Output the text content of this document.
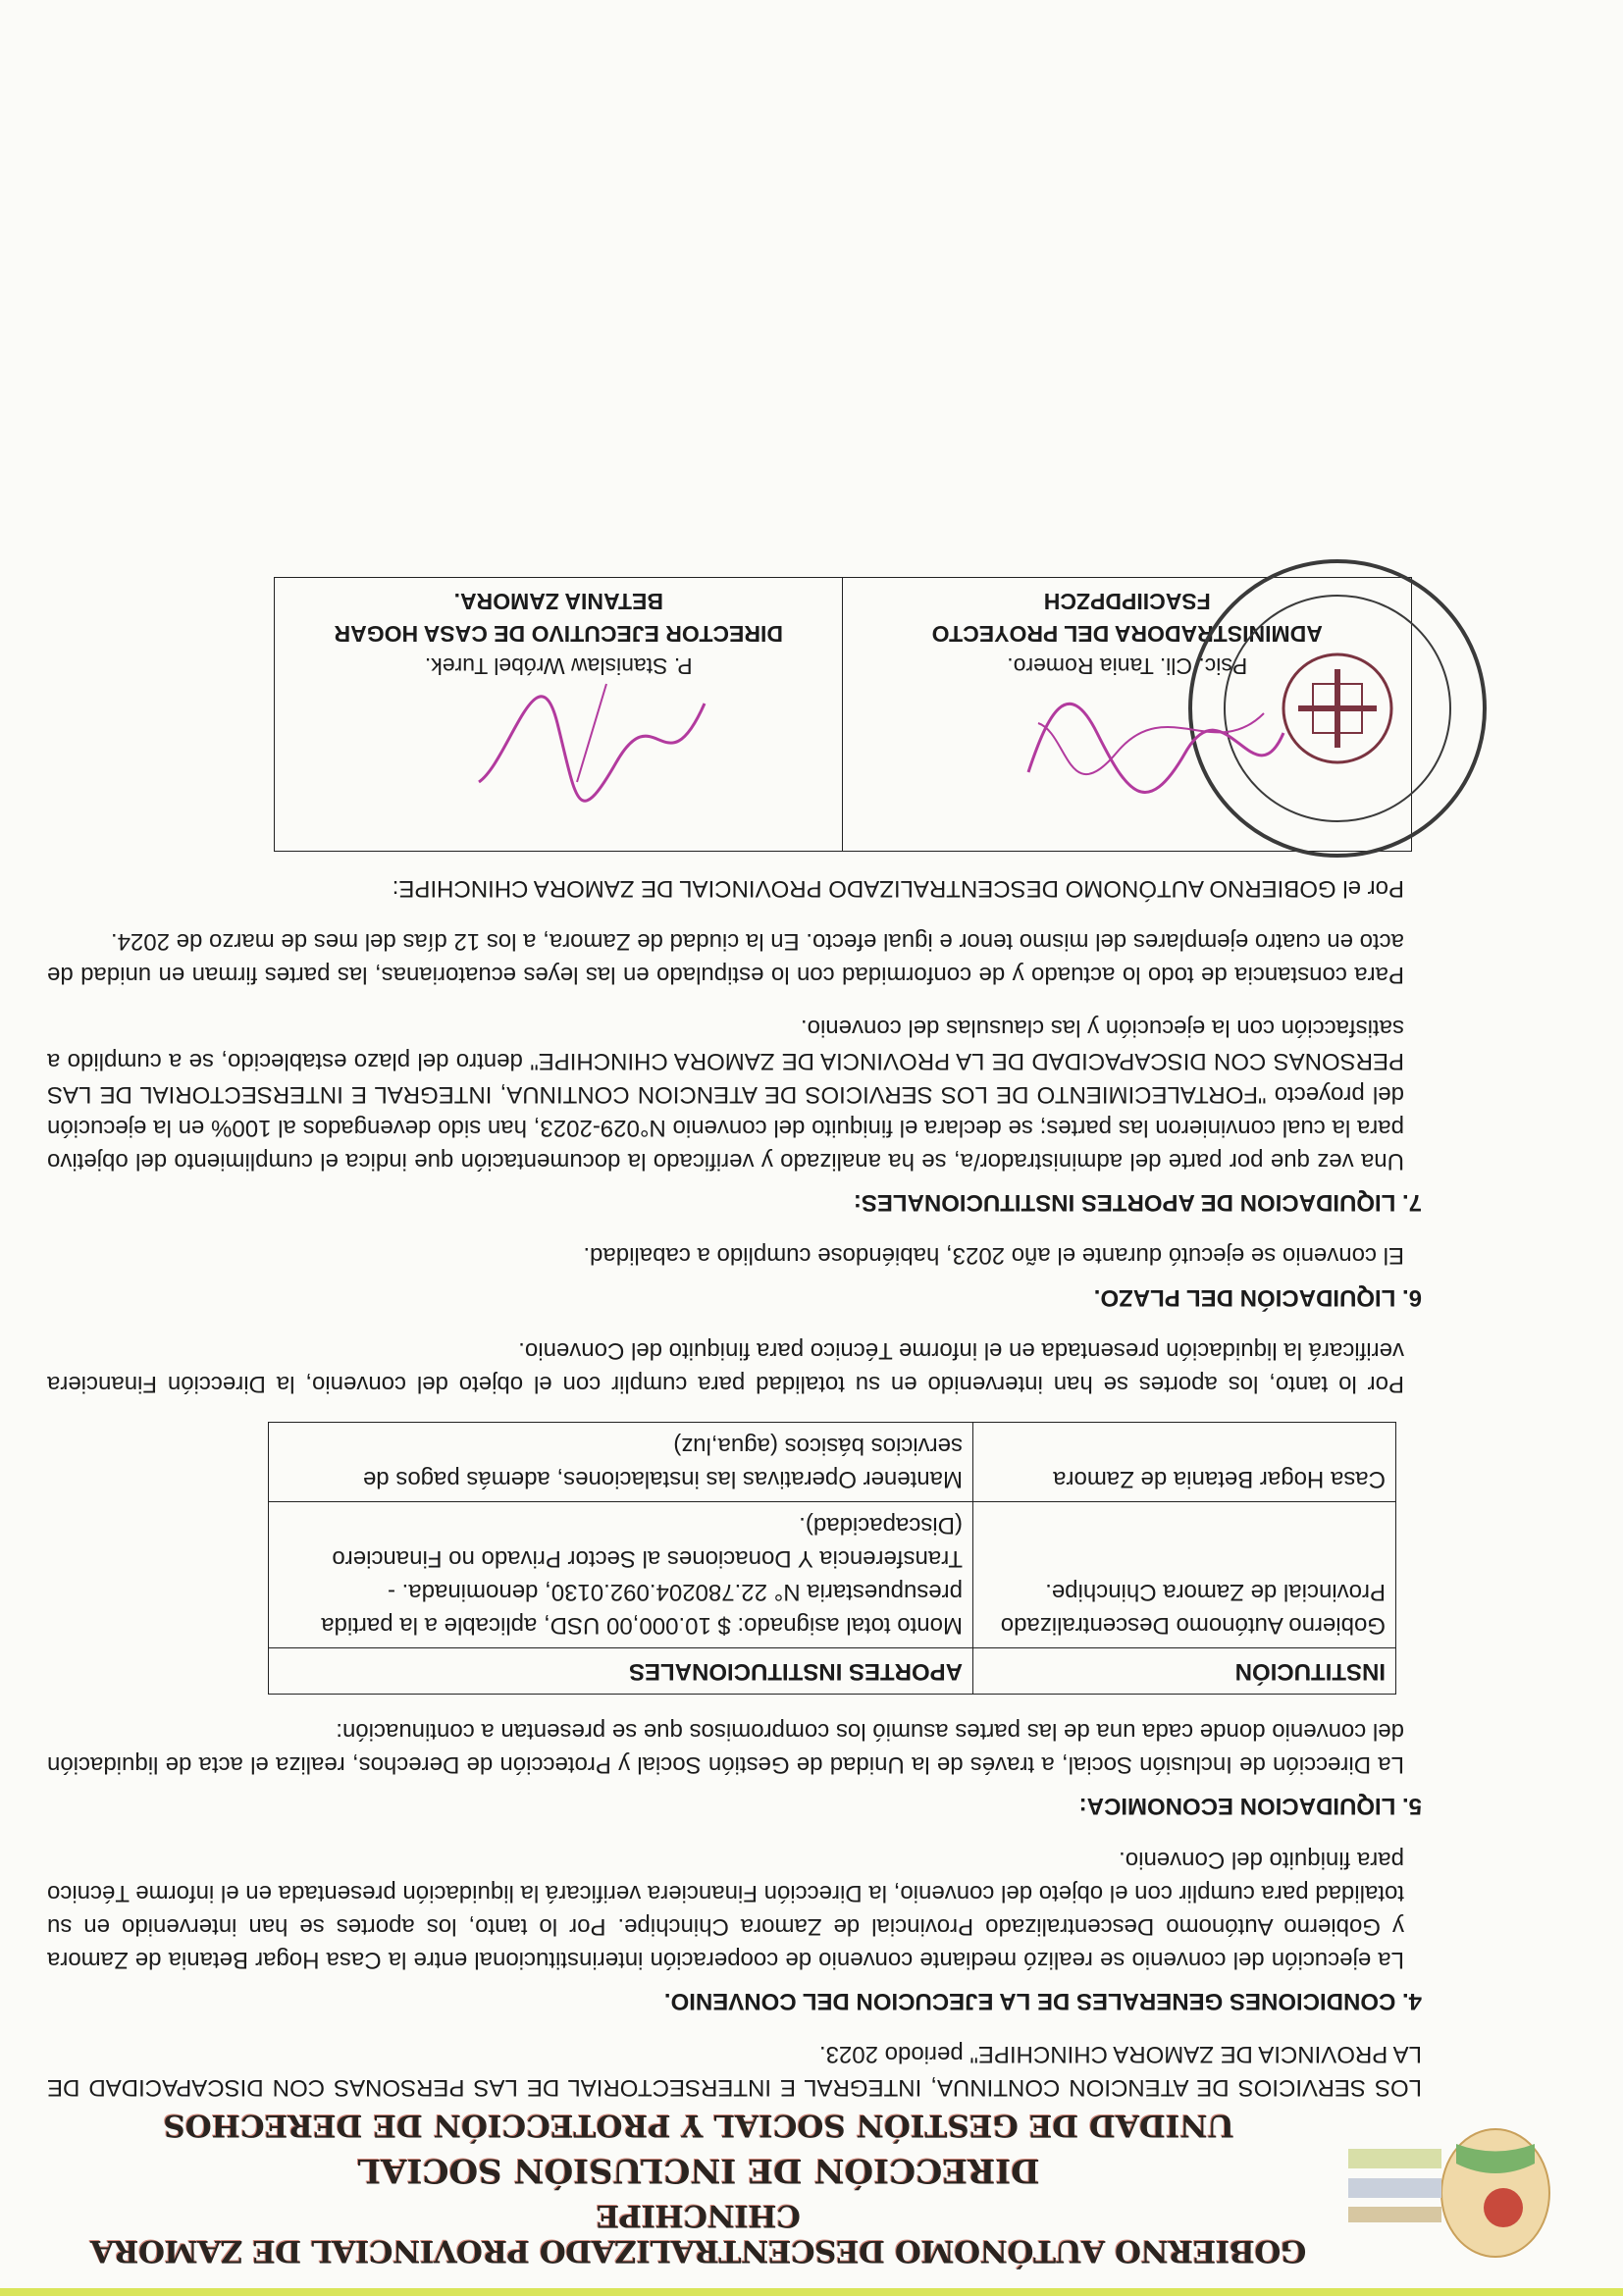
GOBIERNO AUTÓNOMO DESCENTRALIZADO PROVINCIAL DE ZAMORA CHINCHIPE
DIRECCIÓN DE INCLUSIÓN SOCIAL
UNIDAD DE GESTIÓN SOCIAL Y PROTECCIÓN DE DERECHOS

LOS SERVICIOS DE ATENCION CONTINUA, INTEGRAL E INTERSECTORIAL DE LAS PERSONAS CON DISCAPACIDAD DE LA PROVINCIA DE ZAMORA CHINCHIPE" periodo 2023.

4. CONDICIONES GENERALES DE LA EJECUCION DEL CONVENIO.

La ejecución del convenio se realizó mediante convenio de cooperación interinstitucional entre la Casa Hogar Betania de Zamora y Gobierno Autónomo Descentralizado Provincial de Zamora Chinchipe. Por lo tanto, los aportes se han intervenido en su totalidad para cumplir con el objeto del convenio, la Dirección Financiera verificará la liquidación presentada en el informe Técnico para finiquito del Convenio.

5. LIQUIDACION ECONOMICA:

La Dirección de Inclusión Social, a través de la Unidad de Gestión Social y Protección de Derechos, realiza el acta de liquidación del convenio donde cada una de las partes asumió los compromisos que se presentan a continuación:

INSTITUCIÓN	APORTES INSTITUCIONALES
Gobierno Autónomo Descentralizado Provincial de Zamora Chinchipe.	Monto total asignado: $ 10.000,00 USD, aplicable a la partida presupuestaria N° 22.780204.092.0130, denominada. -Transferencia Y Donaciones al Sector Privado no Financiero (Discapacidad).
Casa Hogar Betania de Zamora	Mantener Operativas las instalaciones, además pagos de servicios básicos (agua,luz)

Por lo tanto, los aportes se han intervenido en su totalidad para cumplir con el objeto del convenio, la Dirección Financiera verificará la liquidación presentada en el informe Técnico para finiquito del Convenio.

6. LIQUIDACIÓN DEL PLAZO.

El convenio se ejecutó durante el año 2023, habiéndose cumplido a cabalidad.

7. LIQUIDACION DE APORTES INSTITUCIONALES:

Una vez que por parte del administrador/a, se ha analizado y verificado la documentación que indica el cumplimiento del objetivo para la cual convinieron las partes; se declara el finiquito del convenio N°029-2023, han sido devengados al 100% en la ejecución del proyecto "FORTALECIMIENTO DE LOS SERVICIOS DE ATENCION CONTINUA, INTEGRAL E INTERSECTORIAL DE LAS PERSONAS CON DISCAPACIDAD DE LA PROVINCIA DE ZAMORA CHINCHIPE" dentro del plazo establecido, se a cumplido a satisfacción con la ejecución y las clausulas del convenio.

Para constancia de todo lo actuado y de conformidad con lo estipulado en las leyes ecuatorianas, las partes firman en unidad de acto en cuatro ejemplares del mismo tenor e igual efecto. En la ciudad de Zamora, a los 12 días del mes de marzo de 2024.

Por el GOBIERNO AUTÓNOMO DESCENTRALIZADO PROVINCIAL DE ZAMORA CHINCHIPE:

Psic. Cli. Tania Romero.
ADMINISTRADORA DEL PROYECTO
FSACIIPDPZCH

P. Stanislaw Wróbel Turek.
DIRECTOR EJECUTIVO DE CASA HOGAR
BETANIA ZAMORA.
